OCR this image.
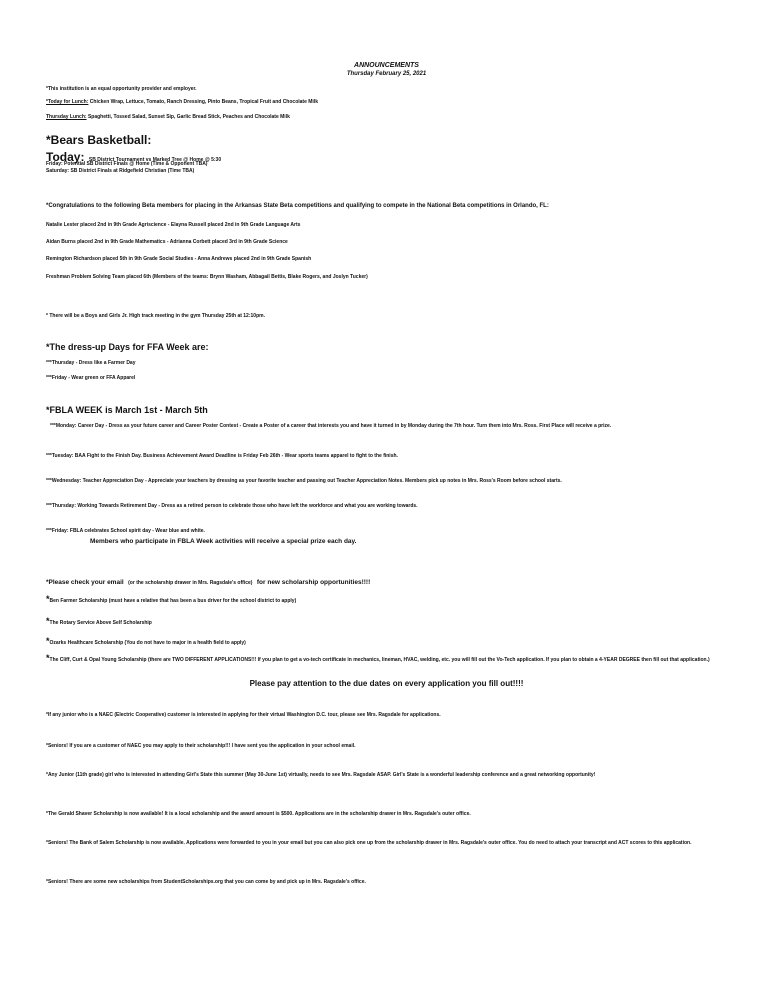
ANNOUNCEMENTS
Thursday February 25, 2021
*This institution is an equal opportunity provider and employer.
*Today for Lunch: Chicken Wrap, Lettuce, Tomato, Ranch Dressing, Pinto Beans, Tropical Fruit and Chocolate Milk
Thursday Lunch: Spaghetti, Tossed Salad, Sunset Sip, Garlic Bread Stick, Peaches and Chocolate Milk
*Bears Basketball:
Today: SB District Tournament vs Marked Tree @ Home @ 5:30
Friday: Potential SB District Finals @ Home (Time & Opponent TBA)
Saturday: SB District Finals at Ridgefield Christian (Time TBA)
*Congratulations to the following Beta members for placing in the Arkansas State Beta competitions and qualifying to compete in the National Beta competitions in Orlando, FL:
Natalie Lester placed 2nd in 9th Grade Agriscience - Elayna Russell placed 2nd in 9th Grade Language Arts
Aidan Burns placed 2nd in 9th Grade Mathematics - Adrianna Corbett placed 3rd in 9th Grade Science
Remington Richardson placed 5th in 9th Grade Social Studies - Anna Andrews placed 2nd in 9th Grade Spanish
Freshman Problem Solving Team placed 6th (Members of the teams: Brynn Washam, Abbagail Bettis, Blake Rogers, and Joslyn Tucker)
* There will be a Boys and Girls Jr. High track meeting in the gym Thursday 25th at 12:10pm.
*The dress-up Days for FFA Week are:
***Thursday - Dress like a Farmer Day
***Friday - Wear green or FFA Apparel
*FBLA WEEK is March 1st - March 5th
***Monday: Career Day - Dress as your future career and Career Poster Contest - Create a Poster of a career that interests you and have it turned in by Monday during the 7th hour. Turn them into Mrs. Ross. First Place will receive a prize.
***Tuesday: BAA Fight to the Finish Day. Business Achievement Award Deadline is Friday Feb 26th - Wear sports teams apparel to fight to the finish.
***Wednesday: Teacher Appreciation Day - Appreciate your teachers by dressing as your favorite teacher and passing out Teacher Appreciation Notes. Members pick up notes in Mrs. Ross's Room before school starts.
***Thursday: Working Towards Retirement Day - Dress as a retired person to celebrate those who have left the workforce and what you are working towards.
***Friday: FBLA celebrates School spirit day - Wear blue and white.
Members who participate in FBLA Week activities will receive a special prize each day.
*Please check your email (or the scholarship drawer in Mrs. Ragsdale's office) for new scholarship opportunities!!!!
*Ben Farmer Scholarship (must have a relative that has been a bus driver for the school district to apply)
*The Rotary Service Above Self Scholarship
*Ozarks Healthcare Scholarship (You do not have to major in a health field to apply)
*The Cliff, Curt & Opal Young Scholarship (there are TWO DIFFERENT APPLICATIONS!!! If you plan to get a vo-tech certificate in mechanics, lineman, HVAC, welding, etc. you will fill out the Vo-Tech application. If you plan to obtain a 4-YEAR DEGREE then fill out that application.)
Please pay attention to the due dates on every application you fill out!!!!
*If any junior who is a NAEC (Electric Cooperative) customer is interested in applying for their virtual Washington D.C. tour, please see Mrs. Ragsdale for applications.
*Seniors! If you are a customer of NAEC you may apply to their scholarship!!! I have sent you the application in your school email.
*Any Junior (11th grade) girl who is interested in attending Girl's State this summer (May 30-June 1st) virtually, needs to see Mrs. Ragsdale ASAP. Girl's State is a wonderful leadership conference and a great networking opportunity!
*The Gerald Shaver Scholarship is now available! It is a local scholarship and the award amount is $500. Applications are in the scholarship drawer in Mrs. Ragsdale's outer office.
*Seniors! The Bank of Salem Scholarship is now available. Applications were forwarded to you in your email but you can also pick one up from the scholarship drawer in Mrs. Ragsdale's outer office. You do need to attach your transcript and ACT scores to this application.
*Seniors! There are some new scholarships from StudentScholarships.org that you can come by and pick up in Mrs. Ragsdale's office.
